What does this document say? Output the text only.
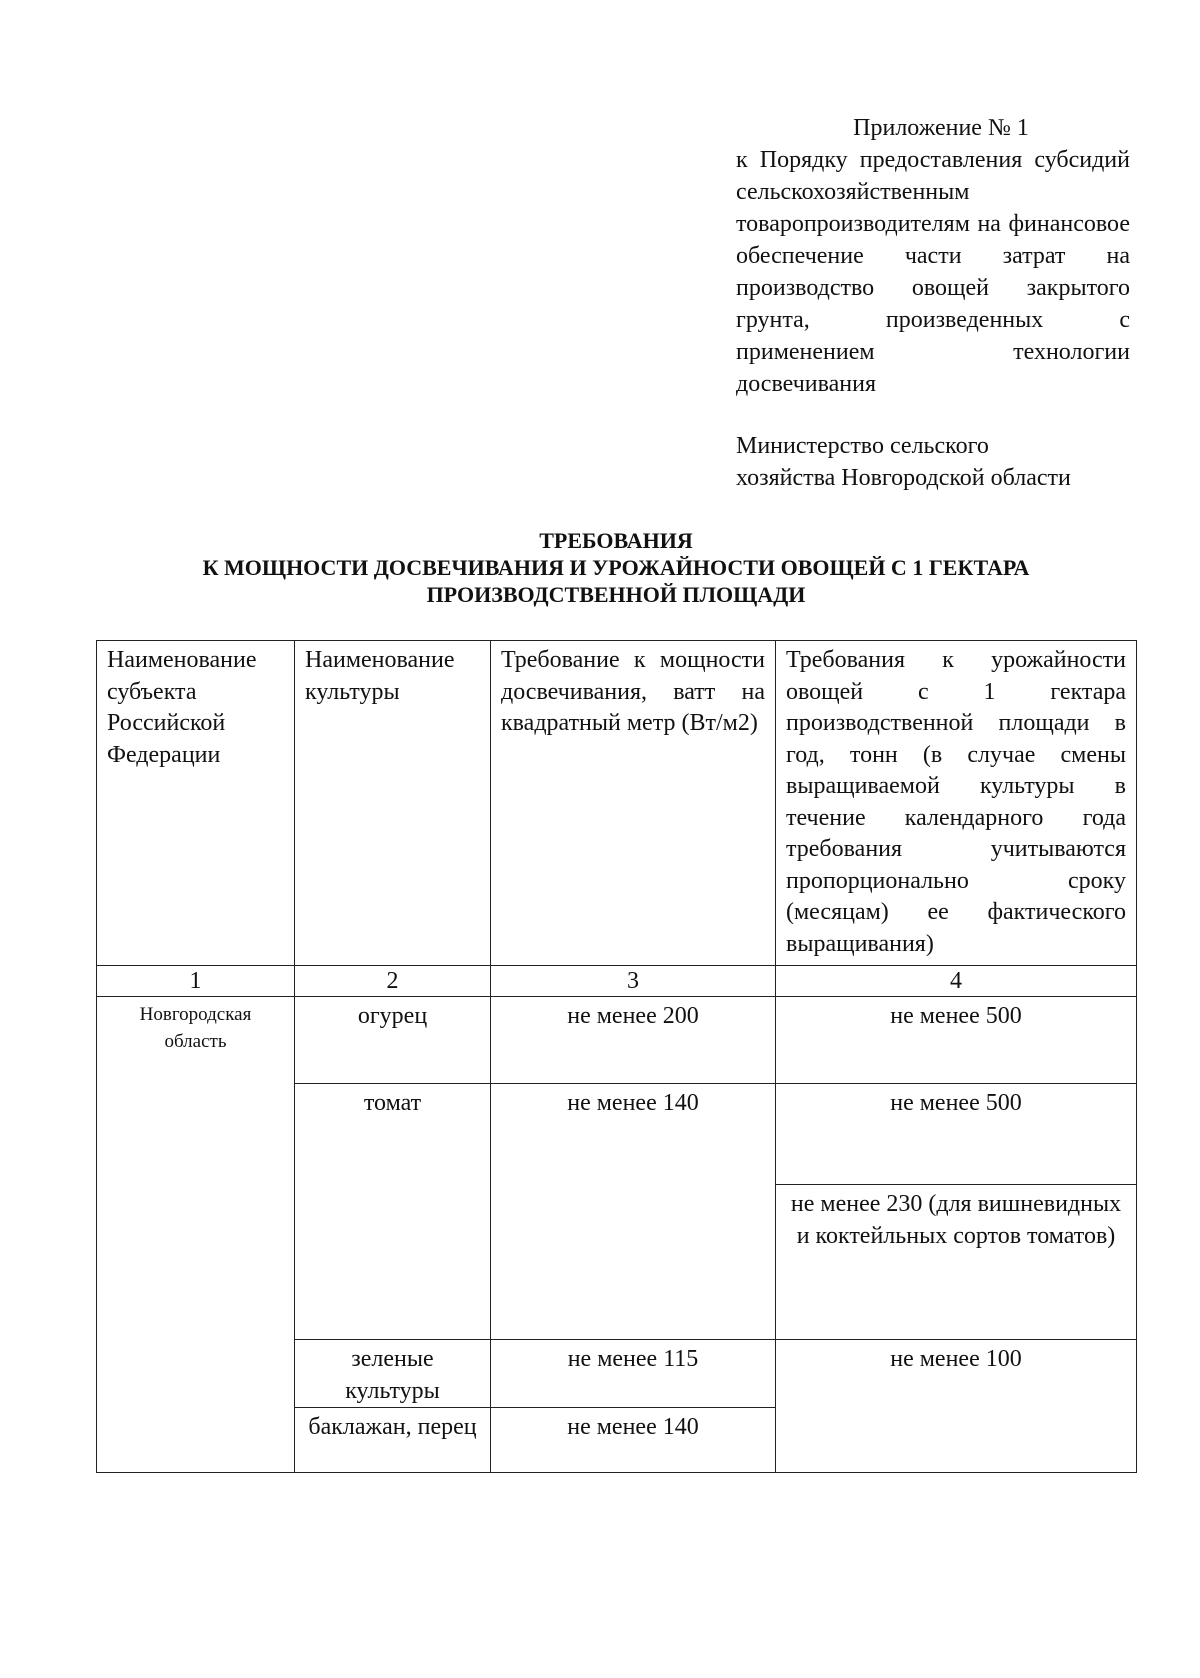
Приложение № 1
к Порядку предоставления субсидий сельскохозяйственным товаропроизводителям на финансовое обеспечение части затрат на производство овощей закрытого грунта, произведенных с применением технологии досвечивания
Министерство сельского
хозяйства Новгородской области
ТРЕБОВАНИЯ
К МОЩНОСТИ ДОСВЕЧИВАНИЯ И УРОЖАЙНОСТИ ОВОЩЕЙ С 1 ГЕКТАРА
ПРОИЗВОДСТВЕННОЙ ПЛОЩАДИ
Наименование субъекта Российской Федерации	Наименование культуры	Требование к мощности досвечивания, ватт на квадратный метр (Вт/м2)	Требования к урожайности овощей с 1 гектара производственной площади в год, тонн (в случае смены выращиваемой культуры в течение календарного года требования учитываются пропорционально сроку (месяцам) ее фактического выращивания)
1	2	3	4
Новгородская область	огурец	не менее 200	не менее 500
	томат	не менее 140	не менее 500
			не менее 230 (для вишневидных и коктейльных сортов томатов)
	зеленые культуры	не менее 115	не менее 100
	баклажан, перец	не менее 140	
